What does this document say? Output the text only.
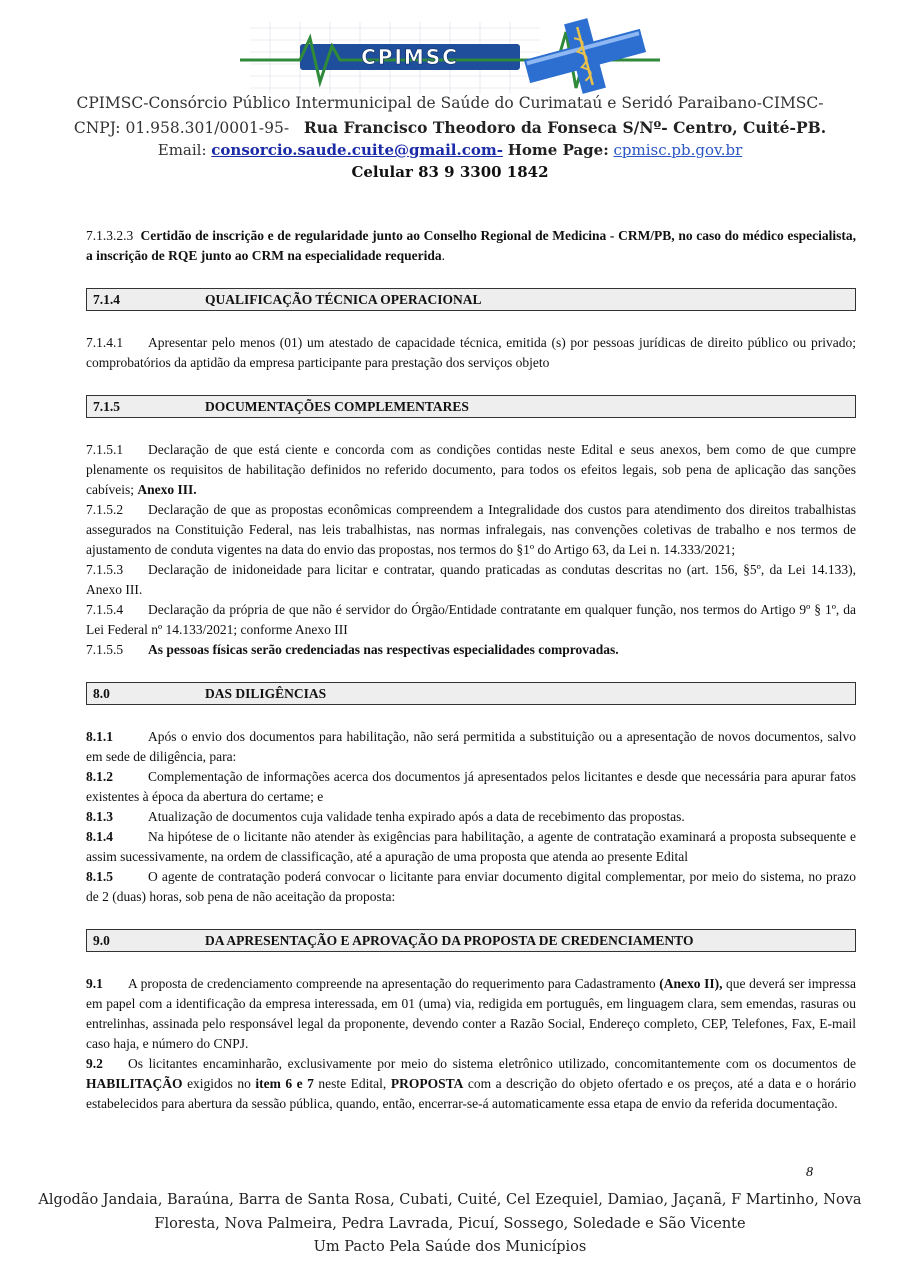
CPIMSC
CPIMSC-Consórcio Público Intermunicipal de Saúde do Curimataú e Seridó Paraibano-CIMSC-
CNPJ: 01.958.301/0001-95- Rua Francisco Theodoro da Fonseca S/Nº- Centro, Cuité-PB.
Email: consorcio.saude.cuite@gmail.com- Home Page: cpmisc.pb.gov.br
Celular 83 9 3300 1842

7.1.3.2.3 Certidão de inscrição e de regularidade junto ao Conselho Regional de Medicina - CRM/PB, no caso do médico especialista, a inscrição de RQE junto ao CRM na especialidade requerida.

7.1.4	QUALIFICAÇÃO TÉCNICA OPERACIONAL

7.1.4.1 Apresentar pelo menos (01) um atestado de capacidade técnica, emitida (s) por pessoas jurídicas de direito público ou privado; comprobatórios da aptidão da empresa participante para prestação dos serviços objeto

7.1.5	DOCUMENTAÇÕES COMPLEMENTARES

7.1.5.1 Declaração de que está ciente e concorda com as condições contidas neste Edital e seus anexos, bem como de que cumpre plenamente os requisitos de habilitação definidos no referido documento, para todos os efeitos legais, sob pena de aplicação das sanções cabíveis; Anexo III.

7.1.5.2 Declaração de que as propostas econômicas compreendem a Integralidade dos custos para atendimento dos direitos trabalhistas assegurados na Constituição Federal, nas leis trabalhistas, nas normas infralegais, nas convenções coletivas de trabalho e nos termos de ajustamento de conduta vigentes na data do envio das propostas, nos termos do §1º do Artigo 63, da Lei n. 14.333/2021;

7.1.5.3 Declaração de inidoneidade para licitar e contratar, quando praticadas as condutas descritas no (art. 156, §5º, da Lei 14.133), Anexo III.

7.1.5.4 Declaração da própria de que não é servidor do Órgão/Entidade contratante em qualquer função, nos termos do Artigo 9º § 1º, da Lei Federal nº 14.133/2021; conforme Anexo III

7.1.5.5 As pessoas físicas serão credenciadas nas respectivas especialidades comprovadas.

8.0	DAS DILIGÊNCIAS

8.1.1	Após o envio dos documentos para habilitação, não será permitida a substituição ou a apresentação de novos documentos, salvo em sede de diligência, para:

8.1.2	Complementação de informações acerca dos documentos já apresentados pelos licitantes e desde que necessária para apurar fatos existentes à época da abertura do certame; e

8.1.3	Atualização de documentos cuja validade tenha expirado após a data de recebimento das propostas.

8.1.4	Na hipótese de o licitante não atender às exigências para habilitação, a agente de contratação examinará a proposta subsequente e assim sucessivamente, na ordem de classificação, até a apuração de uma proposta que atenda ao presente Edital

8.1.5	O agente de contratação poderá convocar o licitante para enviar documento digital complementar, por meio do sistema, no prazo de 2 (duas) horas, sob pena de não aceitação da proposta:

9.0	DA APRESENTAÇÃO E APROVAÇÃO DA PROPOSTA DE CREDENCIAMENTO

9.1 A proposta de credenciamento compreende na apresentação do requerimento para Cadastramento (Anexo II), que deverá ser impressa em papel com a identificação da empresa interessada, em 01 (uma) via, redigida em português, em linguagem clara, sem emendas, rasuras ou entrelinhas, assinada pelo responsável legal da proponente, devendo conter a Razão Social, Endereço completo, CEP, Telefones, Fax, E-mail caso haja, e número do CNPJ.

9.2 Os licitantes encaminharão, exclusivamente por meio do sistema eletrônico utilizado, concomitantemente com os documentos de HABILITAÇÃO exigidos no item 6 e 7 neste Edital, PROPOSTA com a descrição do objeto ofertado e os preços, até a data e o horário estabelecidos para abertura da sessão pública, quando, então, encerrar-se-á automaticamente essa etapa de envio da referida documentação.

8
Algodão Jandaia, Baraúna, Barra de Santa Rosa, Cubati, Cuité, Cel Ezequiel, Damiao, Jaçanã, F Martinho, Nova
Floresta, Nova Palmeira, Pedra Lavrada, Picuí, Sossego, Soledade e São Vicente
Um Pacto Pela Saúde dos Municípios
